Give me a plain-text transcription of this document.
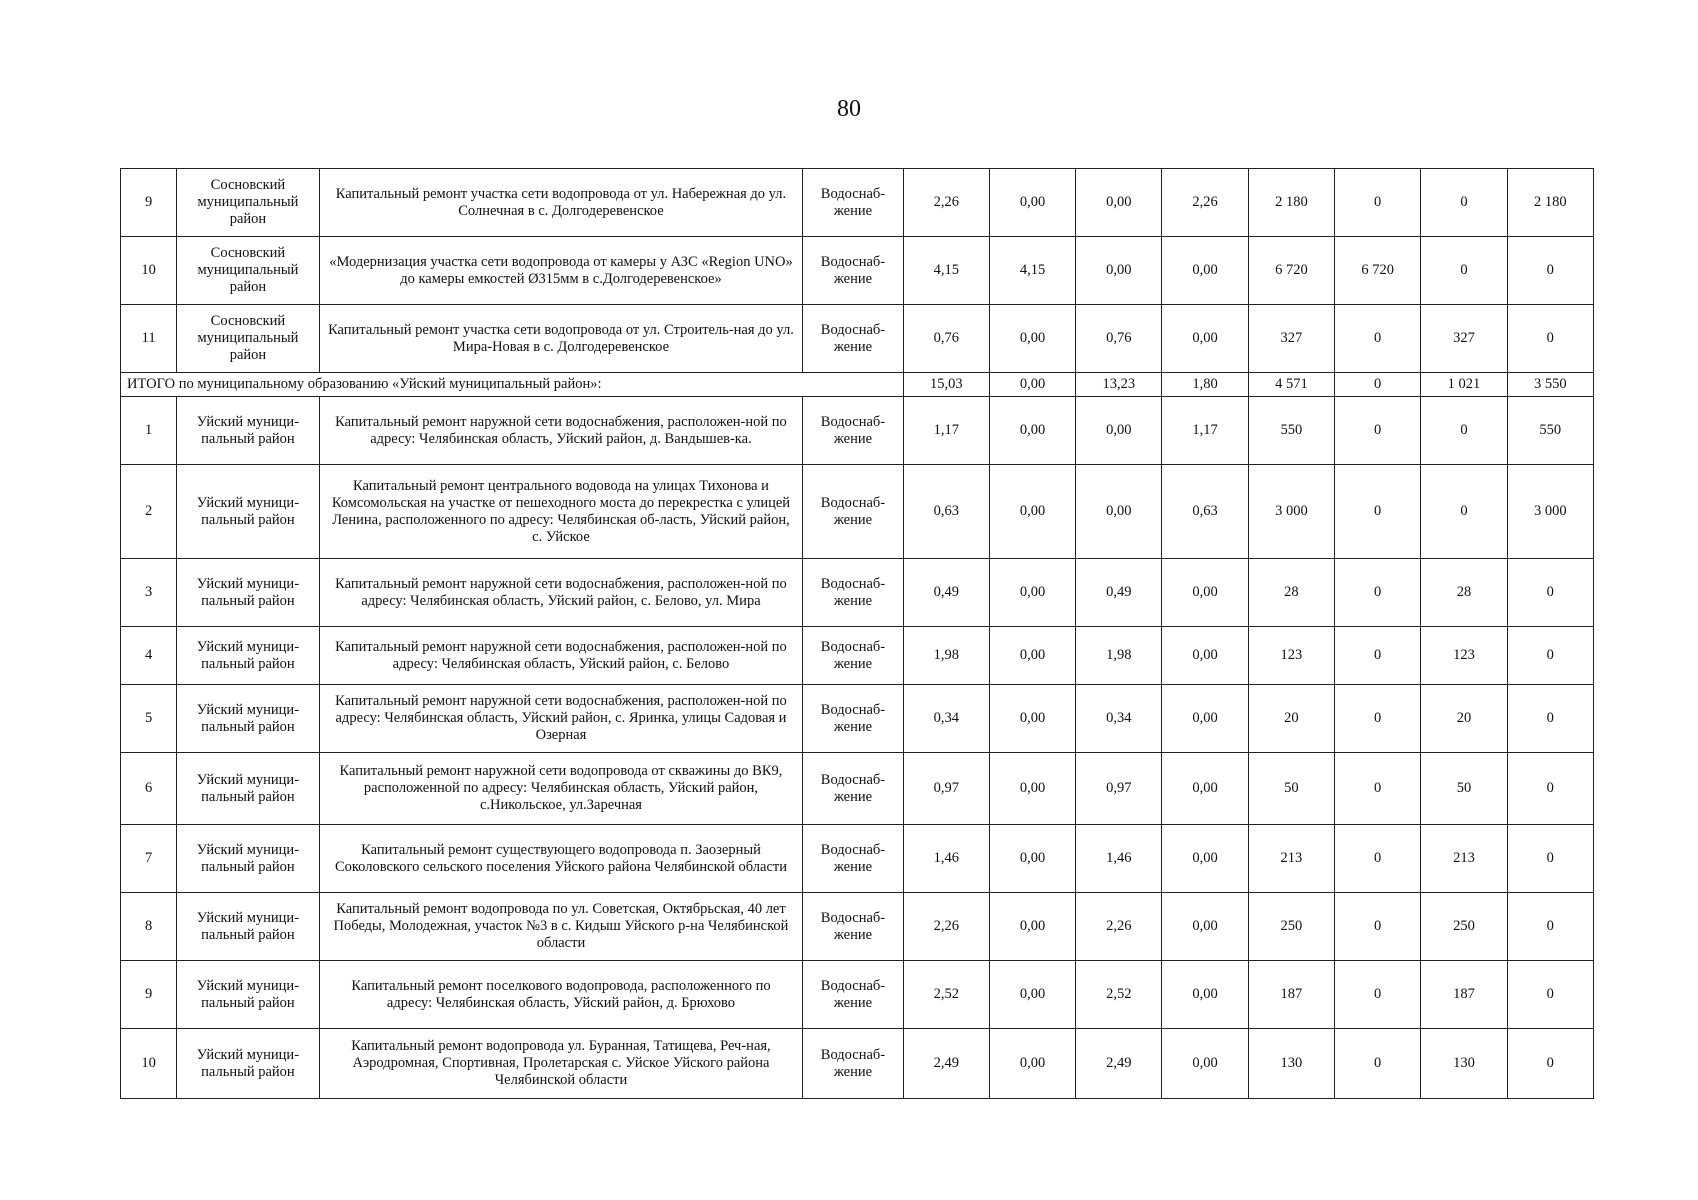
80
9	Сосновский муниципальный район	Капитальный ремонт участка сети водопровода от ул. Набережная до ул. Солнечная в с. Долгодеревенское	Водоснаб-жение	2,26	0,00	0,00	2,26	2 180	0	0	2 180
10	Сосновский муниципальный район	«Модернизация участка сети водопровода от камеры у АЗС «Region UNO» до камеры емкостей Ø315мм в с.Долгодеревенское»	Водоснаб-жение	4,15	4,15	0,00	0,00	6 720	6 720	0	0
11	Сосновский муниципальный район	Капитальный ремонт участка сети водопровода от ул. Строитель-ная до ул. Мира-Новая в с. Долгодеревенское	Водоснаб-жение	0,76	0,00	0,76	0,00	327	0	327	0
ИТОГО по муниципальному образованию «Уйский муниципальный район»:				15,03	0,00	13,23	1,80	4 571	0	1 021	3 550
1	Уйский муници-пальный район	Капитальный ремонт наружной сети водоснабжения, расположен-ной по адресу: Челябинская область, Уйский район, д. Вандышев-ка.	Водоснаб-жение	1,17	0,00	0,00	1,17	550	0	0	550
2	Уйский муници-пальный район	Капитальный ремонт центрального водовода на улицах Тихонова и Комсомольская на участке от пешеходного моста до перекрестка с улицей Ленина, расположенного по адресу: Челябинская об-ласть, Уйский район, с. Уйское	Водоснаб-жение	0,63	0,00	0,00	0,63	3 000	0	0	3 000
3	Уйский муници-пальный район	Капитальный ремонт наружной сети водоснабжения, расположен-ной по адресу: Челябинская область, Уйский район, с. Белово, ул. Мира	Водоснаб-жение	0,49	0,00	0,49	0,00	28	0	28	0
4	Уйский муници-пальный район	Капитальный ремонт наружной сети водоснабжения, расположен-ной по адресу: Челябинская область, Уйский район, с. Белово	Водоснаб-жение	1,98	0,00	1,98	0,00	123	0	123	0
5	Уйский муници-пальный район	Капитальный ремонт наружной сети водоснабжения, расположен-ной по адресу: Челябинская область, Уйский район, с. Яринка, улицы Садовая и Озерная	Водоснаб-жение	0,34	0,00	0,34	0,00	20	0	20	0
6	Уйский муници-пальный район	Капитальный ремонт наружной сети водопровода от скважины до ВК9, расположенной по адресу: Челябинская область, Уйский район, с.Никольское, ул.Заречная	Водоснаб-жение	0,97	0,00	0,97	0,00	50	0	50	0
7	Уйский муници-пальный район	Капитальный ремонт существующего водопровода п. Заозерный Соколовского сельского поселения Уйского района Челябинской области	Водоснаб-жение	1,46	0,00	1,46	0,00	213	0	213	0
8	Уйский муници-пальный район	Капитальный ремонт водопровода по ул. Советская, Октябрьская, 40 лет Победы, Молодежная, участок №3 в с. Кидыш Уйского р-на Челябинской области	Водоснаб-жение	2,26	0,00	2,26	0,00	250	0	250	0
9	Уйский муници-пальный район	Капитальный ремонт поселкового водопровода, расположенного по адресу: Челябинская область, Уйский район, д. Брюхово	Водоснаб-жение	2,52	0,00	2,52	0,00	187	0	187	0
10	Уйский муници-пальный район	Капитальный ремонт водопровода ул. Буранная, Татищева, Реч-ная, Аэродромная, Спортивная, Пролетарская с. Уйское Уйского района Челябинской области	Водоснаб-жение	2,49	0,00	2,49	0,00	130	0	130	0
